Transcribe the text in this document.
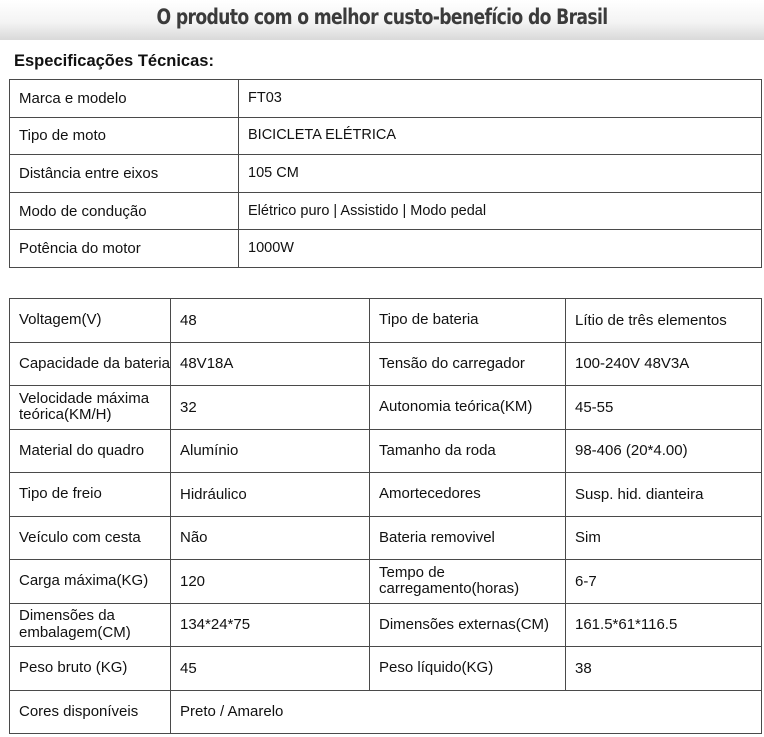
O produto com o melhor custo-benefício do Brasil
Especificações Técnicas:
Marca e modelo	FT03
Tipo de moto	BICICLETA ELÉTRICA
Distância entre eixos	105 CM
Modo de condução	Elétrico puro | Assistido | Modo pedal
Potência do motor	1000W
Voltagem(V)	48	Tipo de bateria	Lítio de três elementos
Capacidade da bateria	48V18A	Tensão do carregador	100-240V 48V3A
Velocidade máxima teórica(KM/H)	32	Autonomia teórica(KM)	45-55
Material do quadro	Alumínio	Tamanho da roda	98-406 (20*4.00)
Tipo de freio	Hidráulico	Amortecedores	Susp. hid. dianteira
Veículo com cesta	Não	Bateria removivel	Sim
Carga máxima(KG)	120	Tempo de carregamento(horas)	6-7
Dimensões da embalagem(CM)	134*24*75	Dimensões externas(CM)	161.5*61*116.5
Peso bruto (KG)	45	Peso líquido(KG)	38
Cores disponíveis	Preto / Amarelo		
